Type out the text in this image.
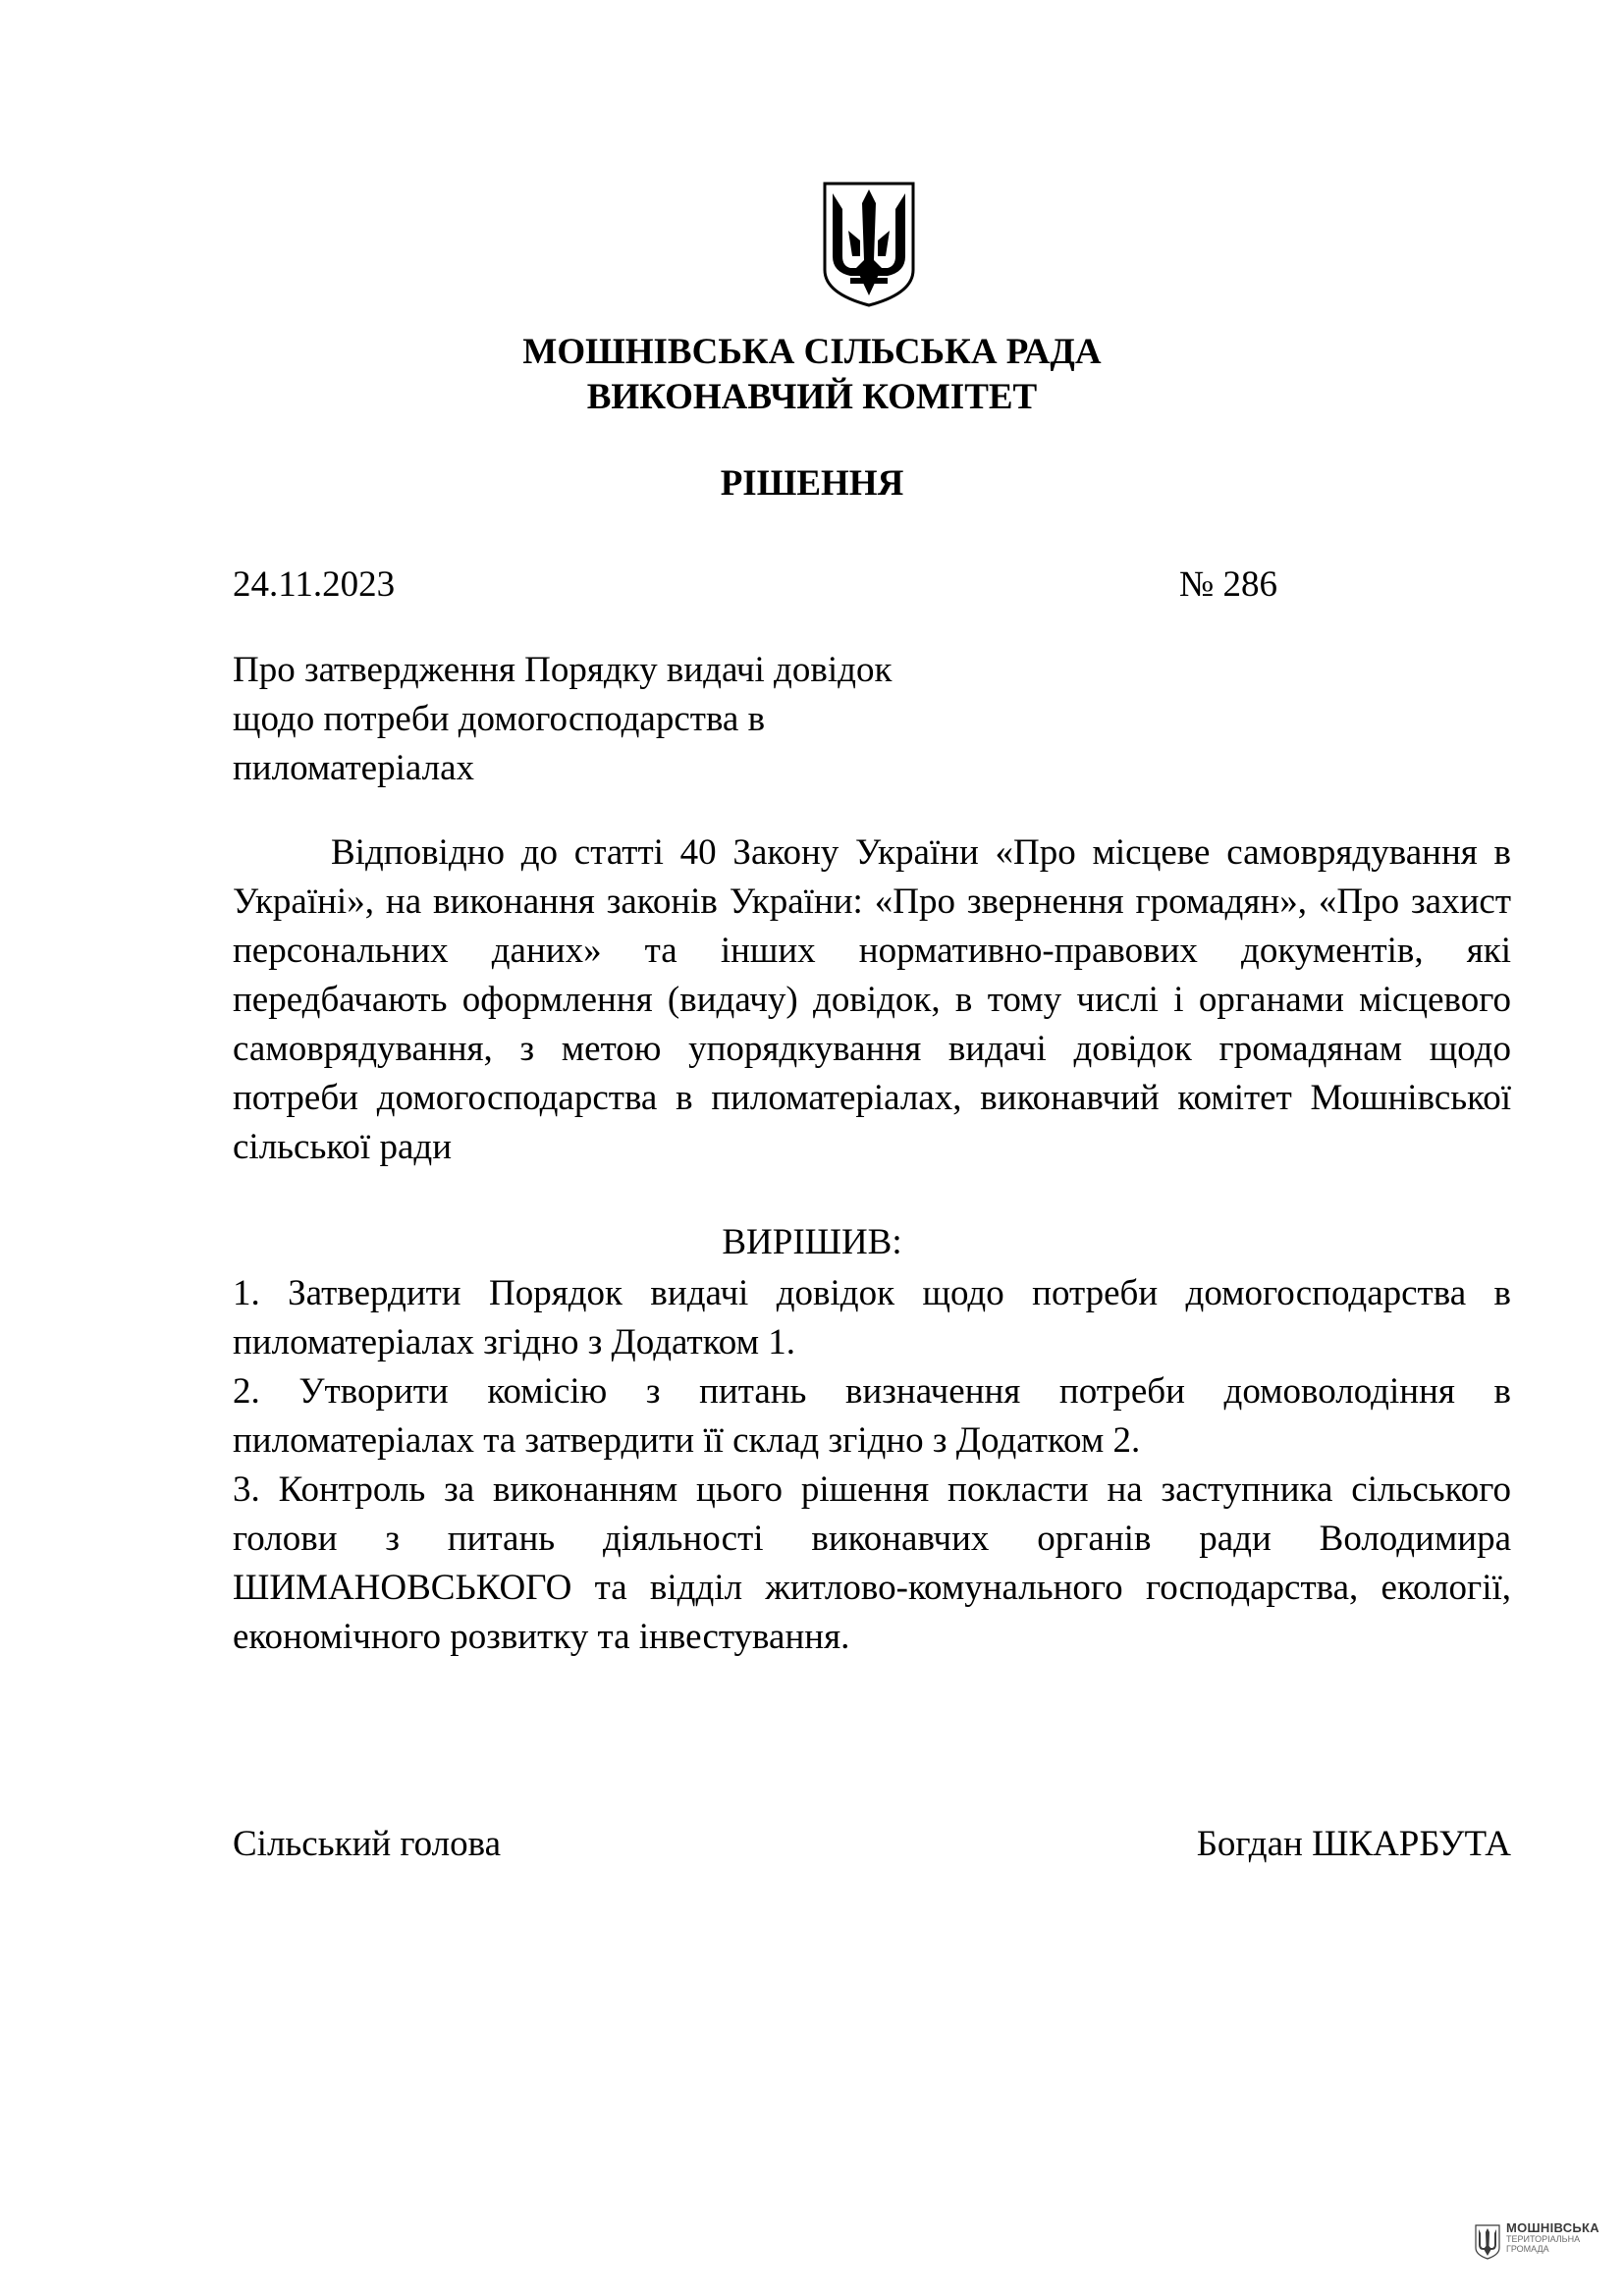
МОШНІВСЬКА СІЛЬСЬКА РАДА
ВИКОНАВЧИЙ КОМІТЕТ
РІШЕННЯ
24.11.2023	№ 286
Про затвердження Порядку видачі довідок
щодо потреби домогосподарства в
пиломатеріалах
Відповідно до статті 40 Закону України «Про місцеве самоврядування в Україні», на виконання законів України: «Про звернення громадян», «Про захист персональних даних» та інших нормативно-правових документів, які передбачають оформлення (видачу) довідок, в тому числі і органами місцевого самоврядування, з метою упорядкування видачі довідок громадянам щодо потреби домогосподарства в пиломатеріалах, виконавчий комітет Мошнівської сільської ради
ВИРІШИВ:

1. Затвердити Порядок видачі довідок щодо потреби домогосподарства в пиломатеріалах згідно з Додатком 1.

2. Утворити комісію з питань визначення потреби домоволодіння в пиломатеріалах та затвердити її склад згідно з Додатком 2.

3. Контроль за виконанням цього рішення покласти на заступника сільського голови з питань діяльності виконавчих органів ради Володимира ШИМАНОВСЬКОГО та відділ житлово-комунального господарства, екології, економічного розвитку та інвестування.

Сільський голова	Богдан ШКАРБУТА
МОШНІВСЬКА
ТЕРИТОРІАЛЬНА
ГРОМАДА
